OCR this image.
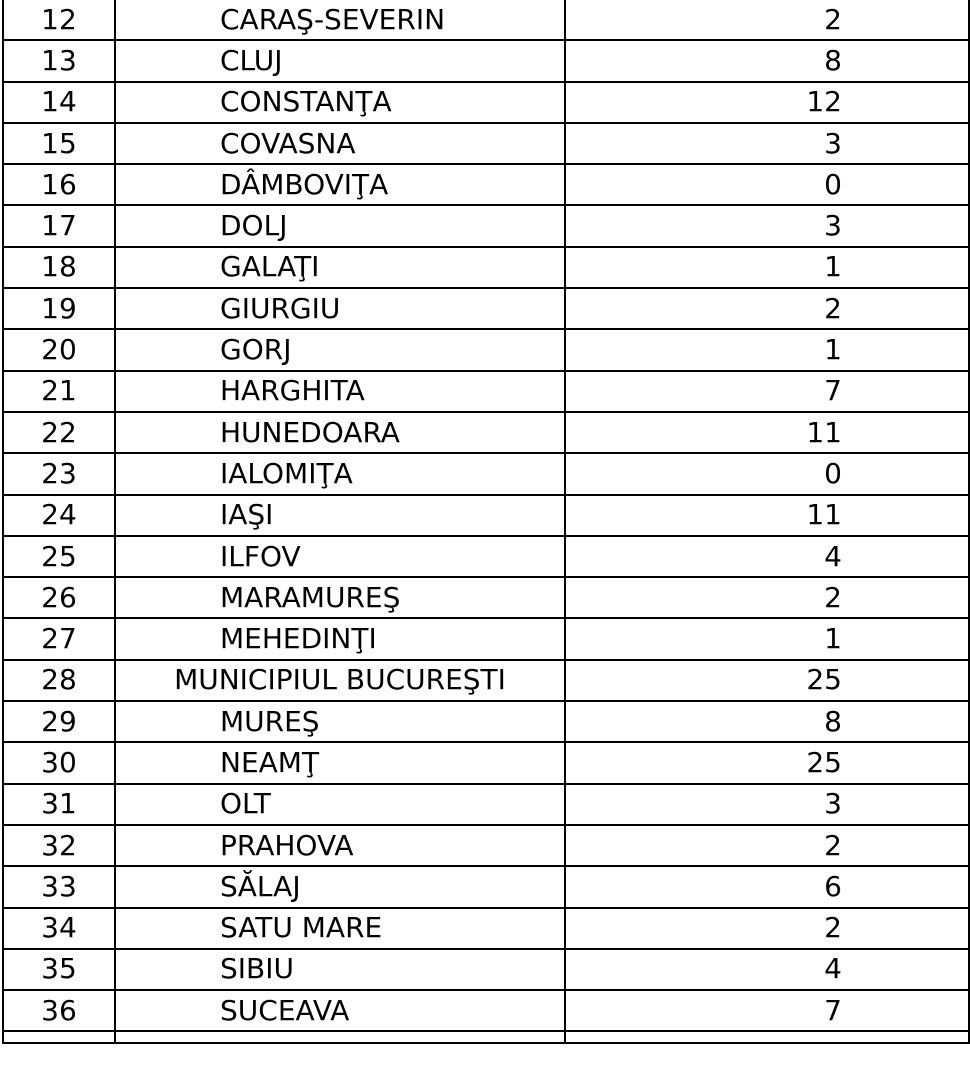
12	CARAŞ-SEVERIN	2
13	CLUJ	8
14	CONSTANŢA	12
15	COVASNA	3
16	DÂMBOVIŢA	0
17	DOLJ	3
18	GALAŢI	1
19	GIURGIU	2
20	GORJ	1
21	HARGHITA	7
22	HUNEDOARA	11
23	IALOMIŢA	0
24	IAŞI	11
25	ILFOV	4
26	MARAMUREŞ	2
27	MEHEDINŢI	1
28	MUNICIPIUL BUCUREŞTI	25
29	MUREŞ	8
30	NEAMŢ	25
31	OLT	3
32	PRAHOVA	2
33	SĂLAJ	6
34	SATU MARE	2
35	SIBIU	4
36	SUCEAVA	7
